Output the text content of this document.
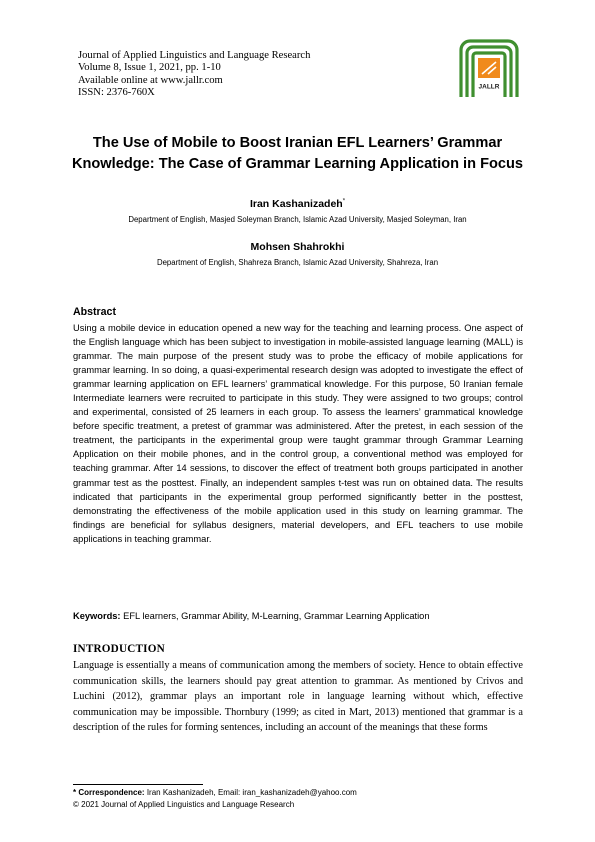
Journal of Applied Linguistics and Language Research
Volume 8, Issue 1, 2021, pp. 1-10
Available online at www.jallr.com
ISSN: 2376-760X
JALLR
The Use of Mobile to Boost Iranian EFL Learners’ Grammar
Knowledge: The Case of Grammar Learning Application in Focus
Iran Kashanizadeh*
Department of English, Masjed Soleyman Branch, Islamic Azad University, Masjed Soleyman, Iran
Mohsen Shahrokhi
Department of English, Shahreza Branch, Islamic Azad University, Shahreza, Iran
Abstract
Using a mobile device in education opened a new way for the teaching and learning process. One aspect of the English language which has been subject to investigation in mobile-assisted language learning (MALL) is grammar. The main purpose of the present study was to probe the efficacy of mobile applications for grammar learning. In so doing, a quasi-experimental research design was adopted to investigate the effect of grammar learning application on EFL learners’ grammatical knowledge. For this purpose, 50 Iranian female Intermediate learners were recruited to participate in this study. They were assigned to two groups; control and experimental, consisted of 25 learners in each group. To assess the learners’ grammatical knowledge before specific treatment, a pretest of grammar was administered. After the pretest, in each session of the treatment, the participants in the experimental group were taught grammar through Grammar Learning Application on their mobile phones, and in the control group, a conventional method was employed for teaching grammar. After 14 sessions, to discover the effect of treatment both groups participated in another grammar test as the posttest. Finally, an independent samples t-test was run on obtained data. The results indicated that participants in the experimental group performed significantly better in the posttest, demonstrating the effectiveness of the mobile application used in this study on learning grammar. The findings are beneficial for syllabus designers, material developers, and EFL teachers to use mobile applications in teaching grammar.
Keywords: EFL learners, Grammar Ability, M-Learning, Grammar Learning Application
INTRODUCTION
Language is essentially a means of communication among the members of society. Hence to obtain effective communication skills, the learners should pay great attention to grammar. As mentioned by Crivos and Luchini (2012), grammar plays an important role in language learning without which, effective communication may be impossible. Thornbury (1999; as cited in Mart, 2013) mentioned that grammar is a description of the rules for forming sentences, including an account of the meanings that these forms
* Correspondence: Iran Kashanizadeh, Email: iran_kashanizadeh@yahoo.com
© 2021 Journal of Applied Linguistics and Language Research
